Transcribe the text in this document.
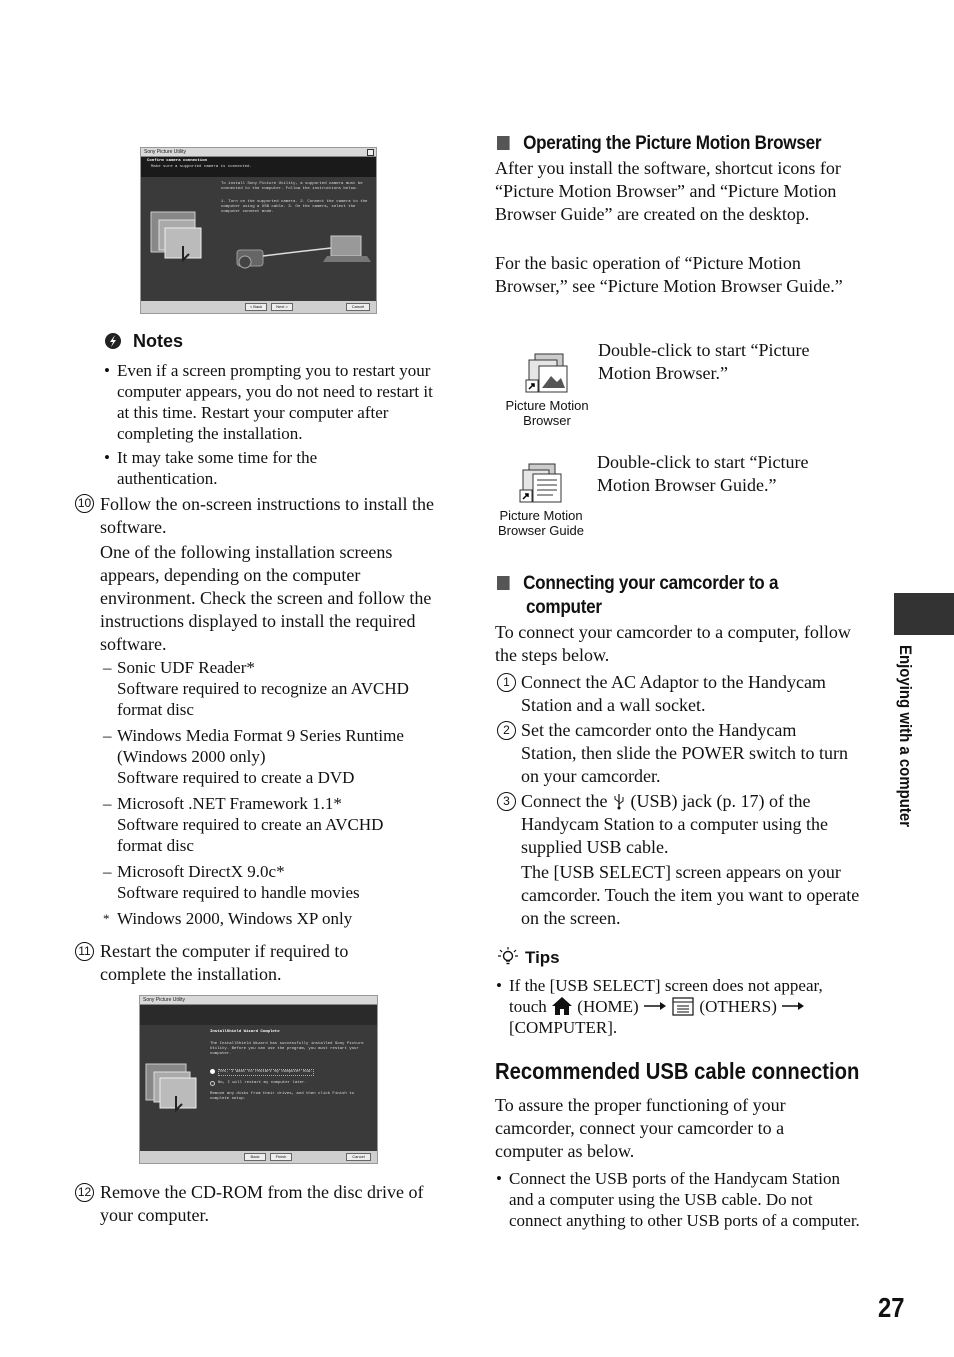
Sony Picture Utility
Confirm camera connection
Make sure a supported camera is connected.
To install Sony Picture Utility, a supported camera must be connected to the computer. Follow the instructions below.
1. Turn on the supported camera. 2. Connect the camera to the computer using a USB cable. 3. On the camera, select the computer connect mode.
< Back	Next >	Cancel
Notes
• Even if a screen prompting you to restart your computer appears, you do not need to restart it at this time. Restart your computer after completing the installation.
• It may take some time for the authentication.
10 Follow the on-screen instructions to install the software.
One of the following installation screens appears, depending on the computer environment. Check the screen and follow the instructions displayed to install the required software.
– Sonic UDF Reader*
Software required to recognize an AVCHD format disc
– Windows Media Format 9 Series Runtime (Windows 2000 only)
Software required to create a DVD
– Microsoft .NET Framework 1.1*
Software required to create an AVCHD format disc
– Microsoft DirectX 9.0c*
Software required to handle movies
* Windows 2000, Windows XP only
11 Restart the computer if required to complete the installation.
Sony Picture Utility
InstallShield Wizard Complete
The InstallShield Wizard has successfully installed Sony Picture Utility. Before you can use the program, you must restart your computer.
Yes, I want to restart my computer now.
No, I will restart my computer later.
Remove any disks from their drives, and then click Finish to complete setup.
Back	Finish	Cancel
12 Remove the CD-ROM from the disc drive of your computer.
Operating the Picture Motion Browser
After you install the software, shortcut icons for “Picture Motion Browser” and “Picture Motion Browser Guide” are created on the desktop.
For the basic operation of “Picture Motion Browser,” see “Picture Motion Browser Guide.”
Picture Motion
Browser
Double-click to start “Picture Motion Browser.”
Picture Motion
Browser Guide
Double-click to start “Picture Motion Browser Guide.”
Connecting your camcorder to a
computer
To connect your camcorder to a computer, follow the steps below.
1 Connect the AC Adaptor to the Handycam Station and a wall socket.
2 Set the camcorder onto the Handycam Station, then slide the POWER switch to turn on your camcorder.
3 Connect the (USB) jack (p. 17) of the Handycam Station to a computer using the supplied USB cable.
The [USB SELECT] screen appears on your camcorder. Touch the item you want to operate on the screen.
Tips
• If the [USB SELECT] screen does not appear,
touch (HOME)	(OTHERS)
[COMPUTER].
Recommended USB cable connection
To assure the proper functioning of your camcorder, connect your camcorder to a computer as below.
• Connect the USB ports of the Handycam Station and a computer using the USB cable. Do not connect anything to other USB ports of a computer.
Enjoying with a computer
27
